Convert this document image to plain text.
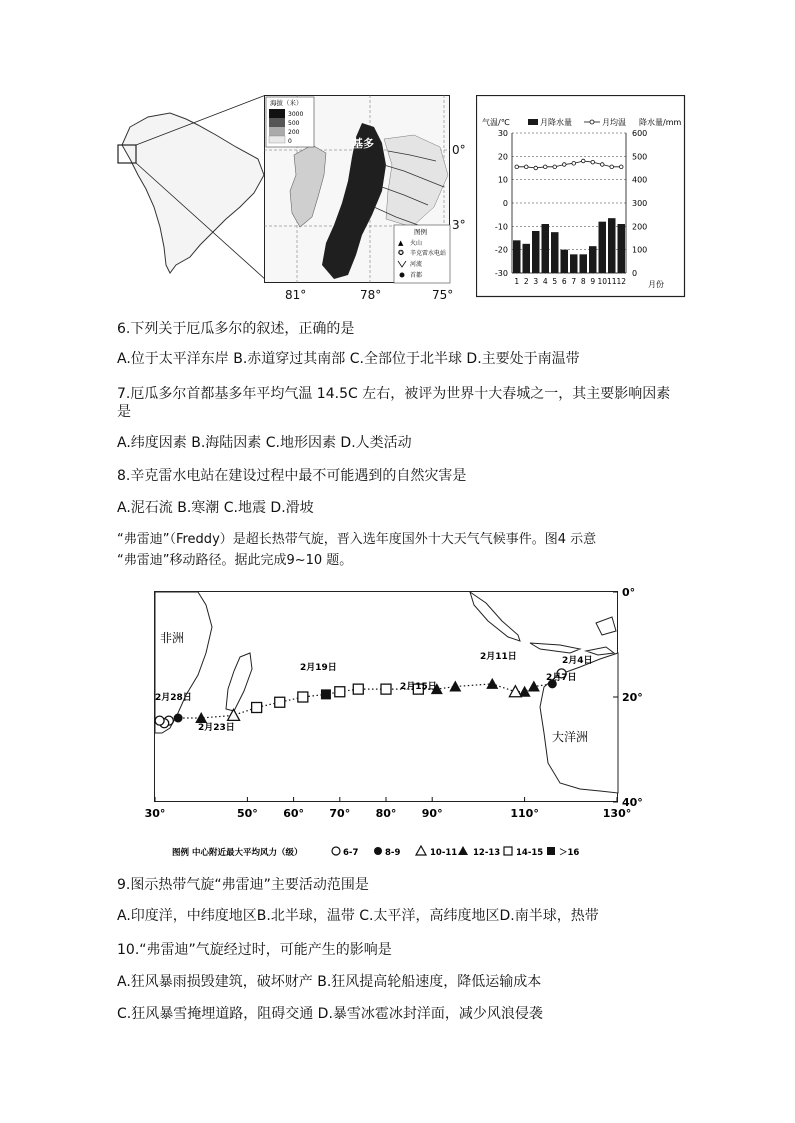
海拔（米）
3000
500
200
0	基多
图例
▲ 火山
✪ 辛克雷水电站
河流
首都
0°
3°
81°	78°	75°
气温/℃	降水量/mm
月降水量	月均温
30	600
20	500
10	400
0	300
-10	200
-20	100
-30	0
1 2 3 4 5 6 7 8 9 10 11 12	月份
6.下列关于厄瓜多尔的叙述，正确的是
A.位于太平洋东岸 B.赤道穿过其南部 C.全部位于北半球 D.主要处于南温带
7.厄瓜多尔首都基多年平均气温 14.5C 左右，被评为世界十大春城之一，其主要影响因素
是
A.纬度因素 B.海陆因素 C.地形因素 D.人类活动
8.辛克雷水电站在建设过程中最不可能遇到的自然灾害是
A.泥石流 B.寒潮 C.地震 D.滑坡
“弗雷迪”（Freddy）是超长热带气旋，晋入选年度国外十大天气气候事件。图4 示意
“弗雷迪”移动路径。据此完成9~10 题。
30°	50° 60° 70° 80° 90°	110°	130°
0°
20°
40°
非洲
大洋洲
2月28日
2月23日
2月19日
2月15日
2月11日	2月4日
2月7日
图例 中心附近最大平均风力（级）	6-7	8-9	10-11 12-13 14-15 ＞16
9.图示热带气旋“弗雷迪”主要活动范围是
A.印度洋，中纬度地区B.北半球，温带 C.太平洋，高纬度地区D.南半球，热带
10.“弗雷迪”气旋经过时，可能产生的影响是
A.狂风暴雨损毁建筑，破坏财产 B.狂风提高轮船速度，降低运输成本
C.狂风暴雪掩埋道路，阻碍交通 D.暴雪冰雹冰封洋面，减少风浪侵袭
